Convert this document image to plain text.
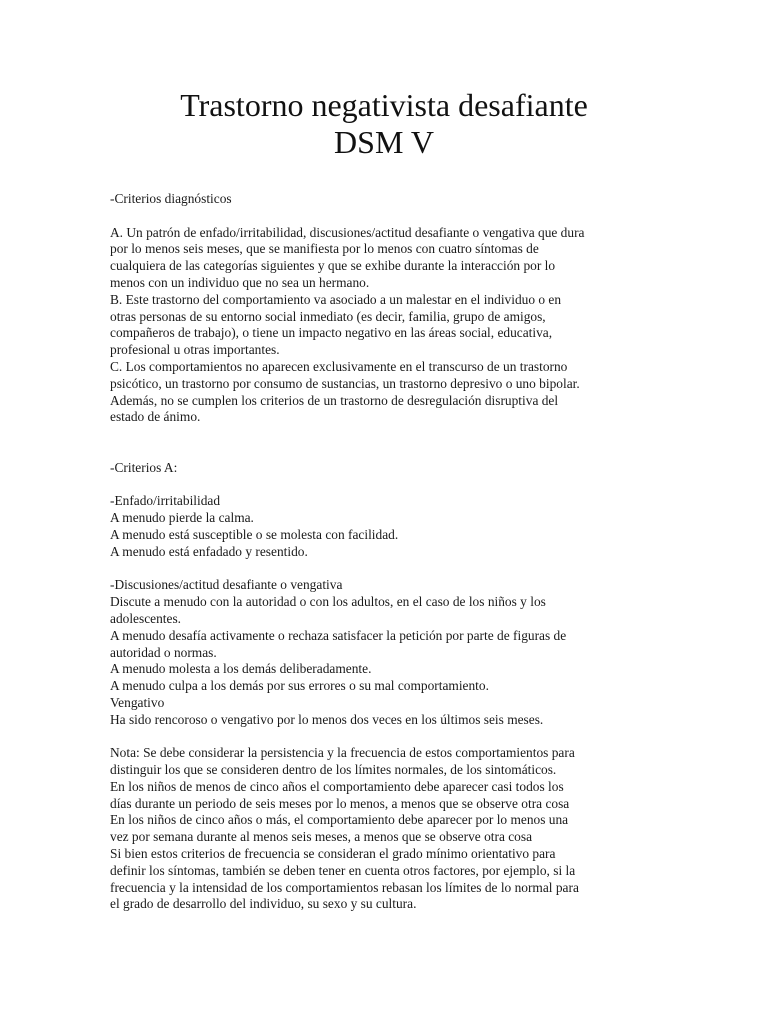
Trastorno negativista desafiante
DSM V
-Criterios diagnósticos
A. Un patrón de enfado/irritabilidad, discusiones/actitud desafiante o vengativa que dura
por lo menos seis meses, que se manifiesta por lo menos con cuatro síntomas de
cualquiera de las categorías siguientes y que se exhibe durante la interacción por lo
menos con un individuo que no sea un hermano.
B. Este trastorno del comportamiento va asociado a un malestar en el individuo o en
otras personas de su entorno social inmediato (es decir, familia, grupo de amigos,
compañeros de trabajo), o tiene un impacto negativo en las áreas social, educativa,
profesional u otras importantes.
C. Los comportamientos no aparecen exclusivamente en el transcurso de un trastorno
psicótico, un trastorno por consumo de sustancias, un trastorno depresivo o uno bipolar.
Además, no se cumplen los criterios de un trastorno de desregulación disruptiva del
estado de ánimo.
-Criterios A:
-Enfado/irritabilidad
A menudo pierde la calma.
A menudo está susceptible o se molesta con facilidad.
A menudo está enfadado y resentido.
-Discusiones/actitud desafiante o vengativa
Discute a menudo con la autoridad o con los adultos, en el caso de los niños y los
adolescentes.
A menudo desafía activamente o rechaza satisfacer la petición por parte de figuras de
autoridad o normas.
A menudo molesta a los demás deliberadamente.
A menudo culpa a los demás por sus errores o su mal comportamiento.
Vengativo
Ha sido rencoroso o vengativo por lo menos dos veces en los últimos seis meses.
Nota: Se debe considerar la persistencia y la frecuencia de estos comportamientos para
distinguir los que se consideren dentro de los límites normales, de los sintomáticos.
En los niños de menos de cinco años el comportamiento debe aparecer casi todos los
días durante un periodo de seis meses por lo menos, a menos que se observe otra cosa
En los niños de cinco años o más, el comportamiento debe aparecer por lo menos una
vez por semana durante al menos seis meses, a menos que se observe otra cosa
Si bien estos criterios de frecuencia se consideran el grado mínimo orientativo para
definir los síntomas, también se deben tener en cuenta otros factores, por ejemplo, si la
frecuencia y la intensidad de los comportamientos rebasan los límites de lo normal para
el grado de desarrollo del individuo, su sexo y su cultura.
